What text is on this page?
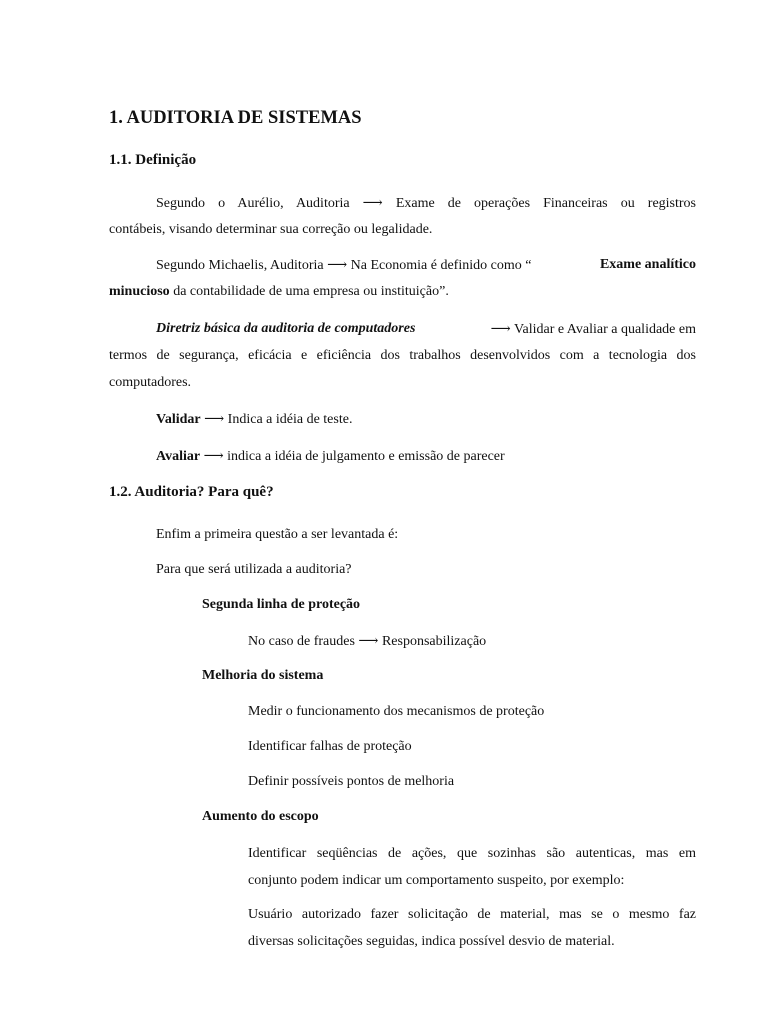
1. AUDITORIA DE SISTEMAS
1.1. Definição
Segundo o Aurélio, Auditoria ⟶ Exame de operações Financeiras ou registros
contábeis, visando determinar sua correção ou legalidade.
Exame analítico
Segundo Michaelis, Auditoria ⟶ Na Economia é definido como “
minucioso da contabilidade de uma empresa ou instituição”.
⟶ Validar e Avaliar a qualidade em
Diretriz básica da auditoria de computadores
termos de segurança, eficácia e eficiência dos trabalhos desenvolvidos com a tecnologia dos
computadores.
Validar ⟶ Indica a idéia de teste.
Avaliar ⟶ indica a idéia de julgamento e emissão de parecer
1.2. Auditoria? Para quê?
Enfim a primeira questão a ser levantada é:
Para que será utilizada a auditoria?
Segunda linha de proteção
No caso de fraudes ⟶ Responsabilização
Melhoria do sistema
Medir o funcionamento dos mecanismos de proteção
Identificar falhas de proteção
Definir possíveis pontos de melhoria
Aumento do escopo
Identificar seqüências de ações, que sozinhas são autenticas, mas em
conjunto podem indicar um comportamento suspeito, por exemplo:
Usuário autorizado fazer solicitação de material, mas se o mesmo faz
diversas solicitações seguidas, indica possível desvio de material.
